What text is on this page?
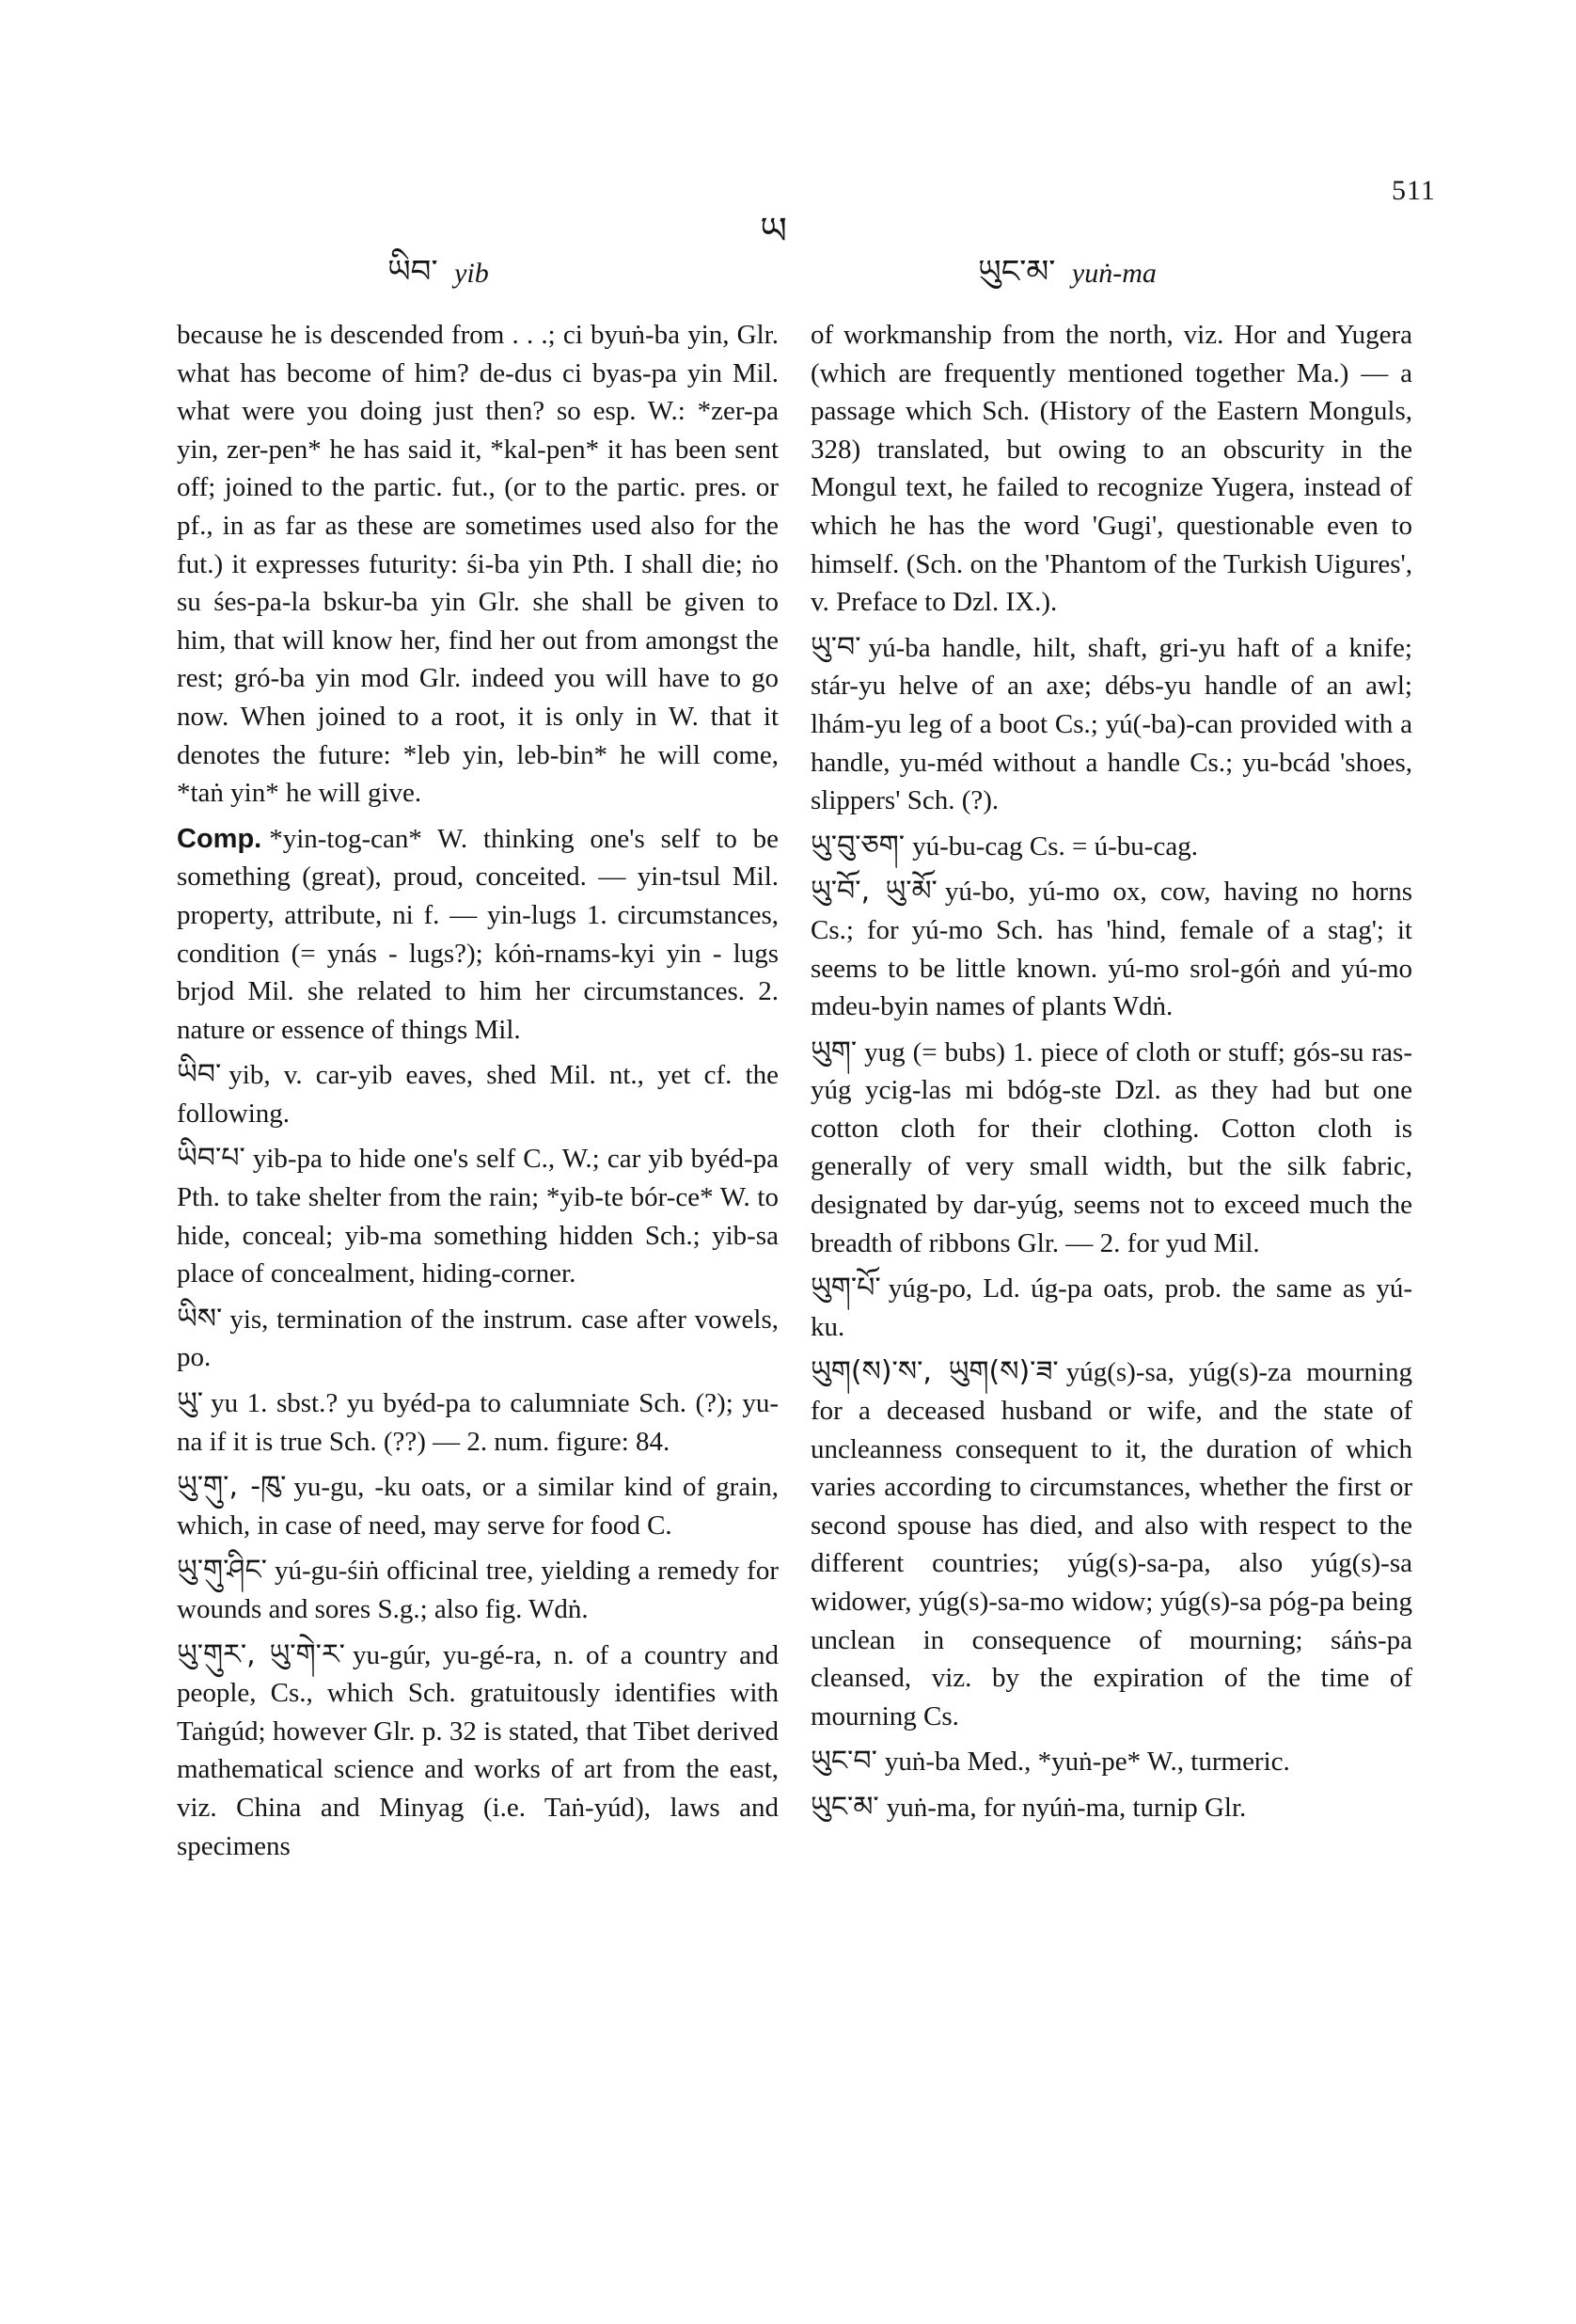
511
ཡ
ཡིབ་ yib	ཡུང་མ་ yuṅ-ma

because he is descended from . . .; ci byuṅ-ba yin, Glr. what has become of him? de-dus ci byas-pa yin Mil. what were you doing just then? so esp. W.: *zer-pa yin, zer-pen* he has said it, *kal-pen* it has been sent off; joined to the partic. fut., (or to the partic. pres. or pf., in as far as these are sometimes used also for the fut.) it expresses futurity: śi-ba yin Pth. I shall die; ṅo su śes-pa-la bskur-ba yin Glr. she shall be given to him, that will know her, find her out from amongst the rest; gró-ba yin mod Glr. indeed you will have to go now. When joined to a root, it is only in W. that it denotes the future: *leb yin, leb-bin* he will come, *taṅ yin* he will give.

Comp. *yin-tog-can* W. thinking one's self to be something (great), proud, conceited. — yin-tsul Mil. property, attribute, ni f. — yin-lugs 1. circumstances, condition (= ynás - lugs?); kóṅ-rnams-kyi yin - lugs brjod Mil. she related to him her circumstances. 2. nature or essence of things Mil.

ཡིབ་ yib, v. car-yib eaves, shed Mil. nt., yet cf. the following.

ཡིབ་པ་ yib-pa to hide one's self C., W.; car yib byéd-pa Pth. to take shelter from the rain; *yib-te bór-ce* W. to hide, conceal; yib-ma something hidden Sch.; yib-sa place of concealment, hiding-corner.

ཡིས་ yis, termination of the instrum. case after vowels, po.

ཡུ་ yu 1. sbst.? yu byéd-pa to calumniate Sch. (?); yu-na if it is true Sch. (??) — 2. num. figure: 84.

ཡུ་གུ་, -ཁུ་ yu-gu, -ku oats, or a similar kind of grain, which, in case of need, may serve for food C.

ཡུ་གུ་ཤིང་ yú-gu-śiṅ officinal tree, yielding a remedy for wounds and sores S.g.; also fig. Wdṅ.

ཡུ་གུར་, ཡུ་གེ་ར་ yu-gúr, yu-gé-ra, n. of a country and people, Cs., which Sch. gratuitously identifies with Taṅgúd; however Glr. p. 32 is stated, that Tibet derived mathematical science and works of art from the east, viz. China and Minyag (i.e. Taṅ-yúd), laws and specimens

of workmanship from the north, viz. Hor and Yugera (which are frequently mentioned together Ma.) — a passage which Sch. (History of the Eastern Monguls, 328) translated, but owing to an obscurity in the Mongul text, he failed to recognize Yugera, instead of which he has the word 'Gugi', questionable even to himself. (Sch. on the 'Phantom of the Turkish Uigures', v. Preface to Dzl. IX.).

ཡུ་བ་ yú-ba handle, hilt, shaft, gri-yu haft of a knife; stár-yu helve of an axe; débs-yu handle of an awl; lhám-yu leg of a boot Cs.; yú(-ba)-can provided with a handle, yu-méd without a handle Cs.; yu-bcád 'shoes, slippers' Sch. (?).

ཡུ་བུ་ཅག་ yú-bu-cag Cs. = ú-bu-cag.

ཡུ་བོ་, ཡུ་མོ་ yú-bo, yú-mo ox, cow, having no horns Cs.; for yú-mo Sch. has 'hind, female of a stag'; it seems to be little known. yú-mo srol-góṅ and yú-mo mdeu-byin names of plants Wdṅ.

ཡུག་ yug (= bubs) 1. piece of cloth or stuff; gós-su ras-yúg ycig-las mi bdóg-ste Dzl. as they had but one cotton cloth for their clothing. Cotton cloth is generally of very small width, but the silk fabric, designated by dar-yúg, seems not to exceed much the breadth of ribbons Glr. — 2. for yud Mil.

ཡུག་པོ་ yúg-po, Ld. úg-pa oats, prob. the same as yú-ku.

ཡུག(ས)་ས་, ཡུག(ས)་ཟ་ yúg(s)-sa, yúg(s)-za mourning for a deceased husband or wife, and the state of uncleanness consequent to it, the duration of which varies according to circumstances, whether the first or second spouse has died, and also with respect to the different countries; yúg(s)-sa-pa, also yúg(s)-sa widower, yúg(s)-sa-mo widow; yúg(s)-sa póg-pa being unclean in consequence of mourning; sáṅs-pa cleansed, viz. by the expiration of the time of mourning Cs.

ཡུང་བ་ yuṅ-ba Med., *yuṅ-pe* W., turmeric.

ཡུང་མ་ yuṅ-ma, for nyúṅ-ma, turnip Glr.
